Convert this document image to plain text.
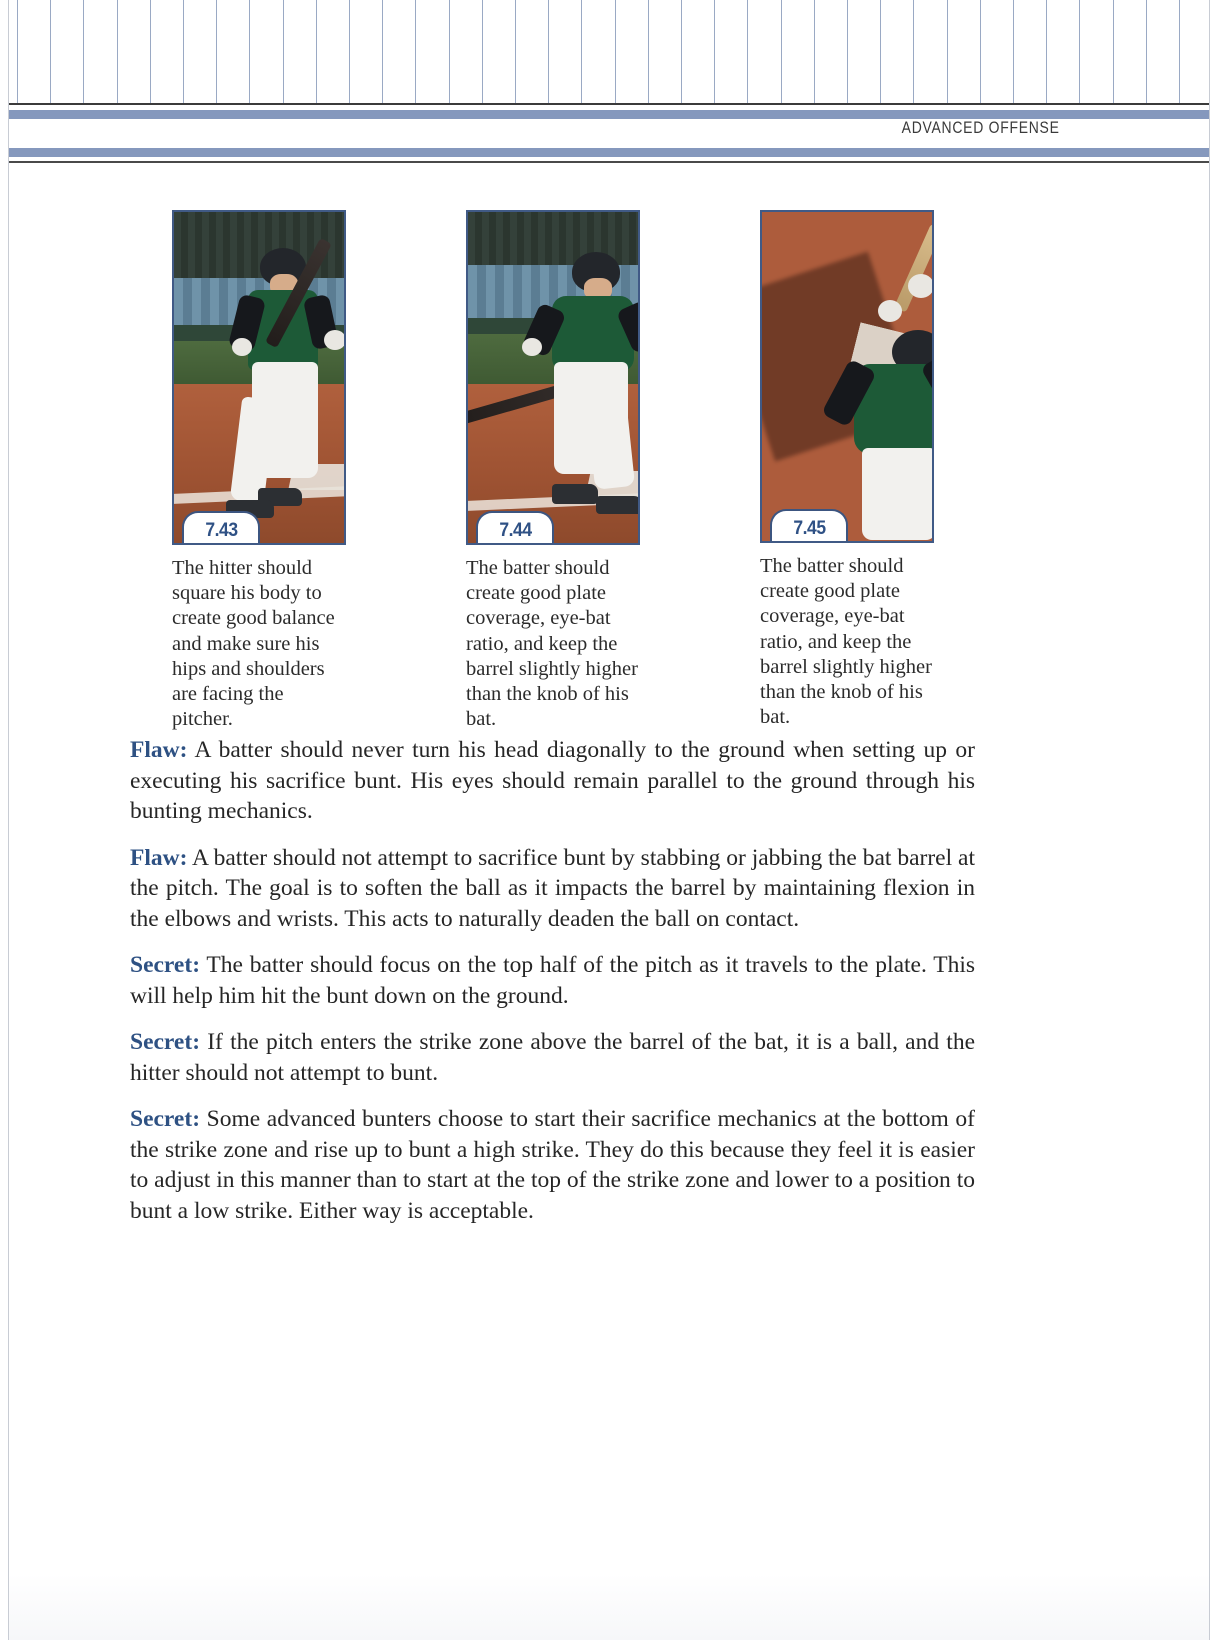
ADVANCED OFFENSE
7.43
The hitter should square his body to create good balance and make sure his hips and shoulders are facing the pitcher.
7.44
The batter should create good plate coverage, eye-bat ratio, and keep the barrel slightly higher than the knob of his bat.
7.45
The batter should create good plate coverage, eye-bat ratio, and keep the barrel slightly higher than the knob of his bat.

Flaw: A batter should never turn his head diagonally to the ground when setting up or executing his sacrifice bunt. His eyes should remain parallel to the ground through his bunting mechanics.

Flaw: A batter should not attempt to sacrifice bunt by stabbing or jabbing the bat barrel at the pitch. The goal is to soften the ball as it impacts the barrel by maintaining flexion in the elbows and wrists. This acts to naturally deaden the ball on contact.

Secret: The batter should focus on the top half of the pitch as it travels to the plate. This will help him hit the bunt down on the ground.

Secret: If the pitch enters the strike zone above the barrel of the bat, it is a ball, and the hitter should not attempt to bunt.

Secret: Some advanced bunters choose to start their sacrifice mechanics at the bottom of the strike zone and rise up to bunt a high strike. They do this because they feel it is easier to adjust in this manner than to start at the top of the strike zone and lower to a position to bunt a low strike. Either way is acceptable.
